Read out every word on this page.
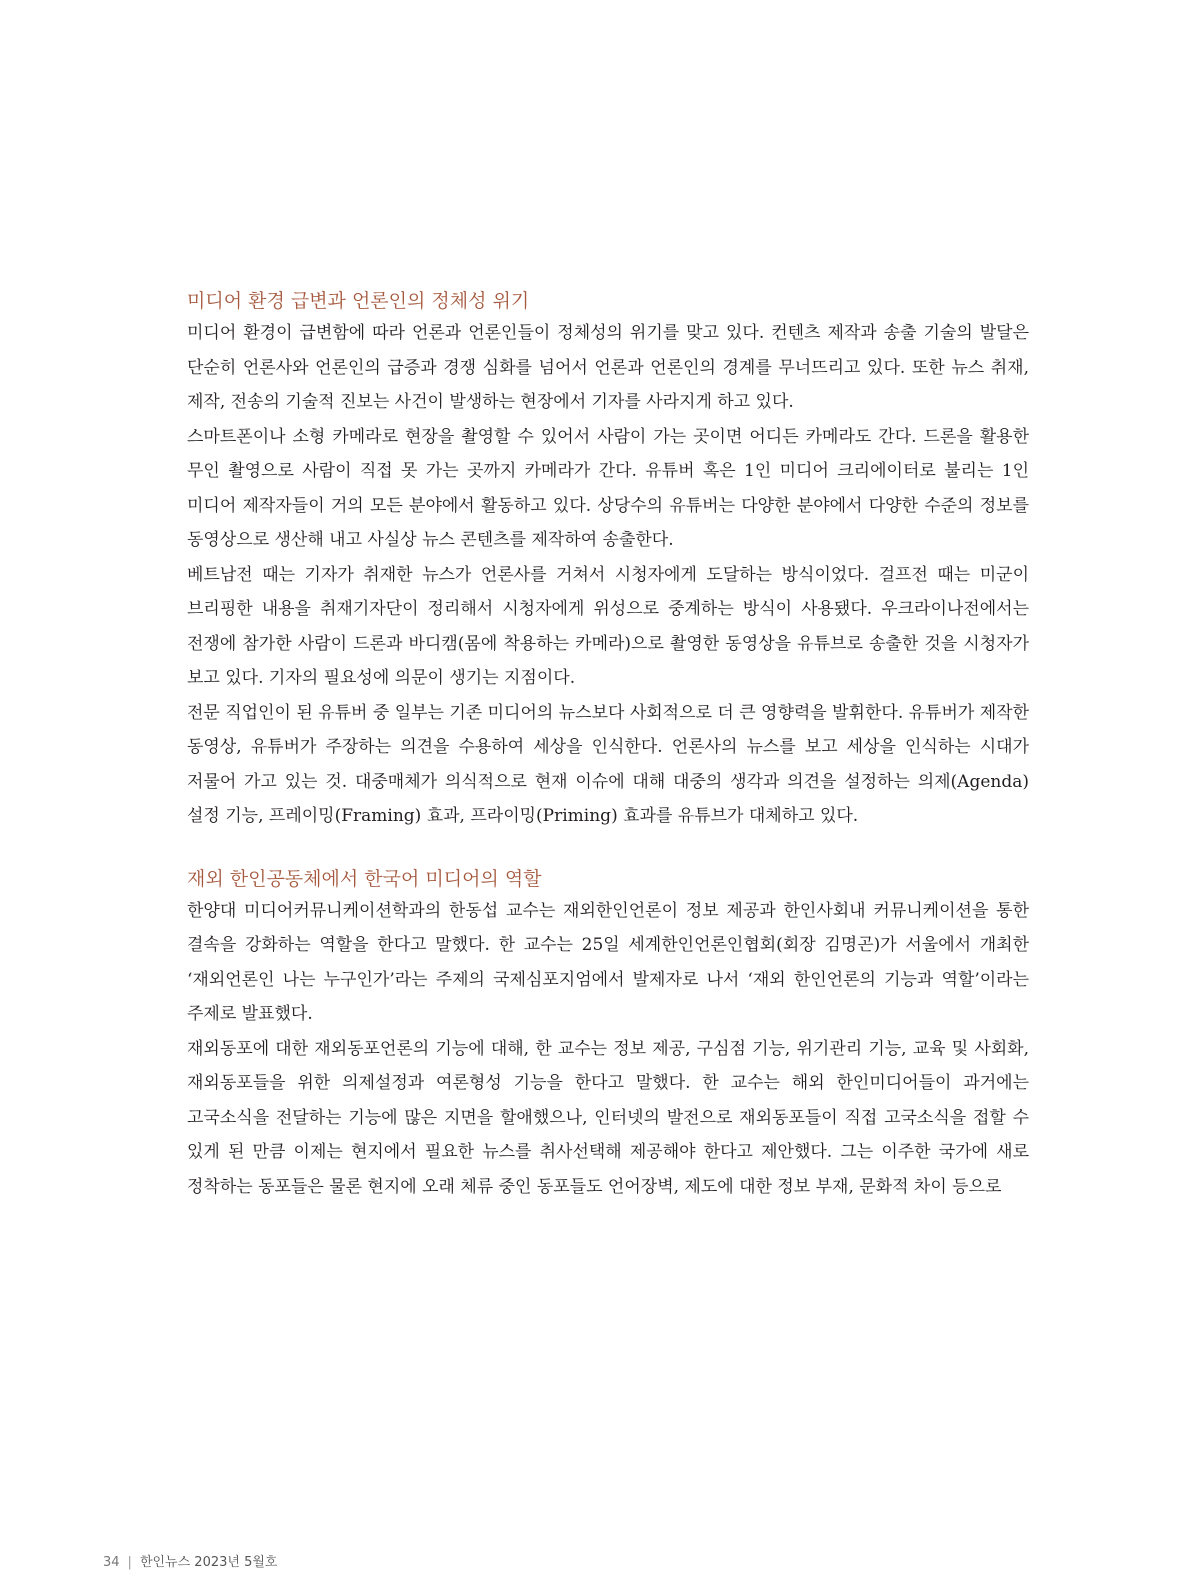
미디어 환경 급변과 언론인의 정체성 위기

미디어 환경이 급변함에 따라 언론과 언론인들이 정체성의 위기를 맞고 있다. 컨텐츠 제작과 송출 기술의 발달은 단순히 언론사와 언론인의 급증과 경쟁 심화를 넘어서 언론과 언론인의 경계를 무너뜨리고 있다. 또한 뉴스 취재, 제작, 전송의 기술적 진보는 사건이 발생하는 현장에서 기자를 사라지게 하고 있다.

스마트폰이나 소형 카메라로 현장을 촬영할 수 있어서 사람이 가는 곳이면 어디든 카메라도 간다. 드론을 활용한 무인 촬영으로 사람이 직접 못 가는 곳까지 카메라가 간다. 유튜버 혹은 1인 미디어 크리에이터로 불리는 1인 미디어 제작자들이 거의 모든 분야에서 활동하고 있다. 상당수의 유튜버는 다양한 분야에서 다양한 수준의 정보를 동영상으로 생산해 내고 사실상 뉴스 콘텐츠를 제작하여 송출한다.

베트남전 때는 기자가 취재한 뉴스가 언론사를 거쳐서 시청자에게 도달하는 방식이었다. 걸프전 때는 미군이 브리핑한 내용을 취재기자단이 정리해서 시청자에게 위성으로 중계하는 방식이 사용됐다. 우크라이나전에서는 전쟁에 참가한 사람이 드론과 바디캠(몸에 착용하는 카메라)으로 촬영한 동영상을 유튜브로 송출한 것을 시청자가 보고 있다. 기자의 필요성에 의문이 생기는 지점이다.

전문 직업인이 된 유튜버 중 일부는 기존 미디어의 뉴스보다 사회적으로 더 큰 영향력을 발휘한다. 유튜버가 제작한 동영상, 유튜버가 주장하는 의견을 수용하여 세상을 인식한다. 언론사의 뉴스를 보고 세상을 인식하는 시대가 저물어 가고 있는 것. 대중매체가 의식적으로 현재 이슈에 대해 대중의 생각과 의견을 설정하는 의제(Agenda) 설정 기능, 프레이밍(Framing) 효과, 프라이밍(Priming) 효과를 유튜브가 대체하고 있다.

재외 한인공동체에서 한국어 미디어의 역할

한양대 미디어커뮤니케이션학과의 한동섭 교수는 재외한인언론이 정보 제공과 한인사회내 커뮤니케이션을 통한 결속을 강화하는 역할을 한다고 말했다. 한 교수는 25일 세계한인언론인협회(회장 김명곤)가 서울에서 개최한 ‘재외언론인 나는 누구인가’라는 주제의 국제심포지엄에서 발제자로 나서 ‘재외 한인언론의 기능과 역할’이라는 주제로 발표했다.

재외동포에 대한 재외동포언론의 기능에 대해, 한 교수는 정보 제공, 구심점 기능, 위기관리 기능, 교육 및 사회화, 재외동포들을 위한 의제설정과 여론형성 기능을 한다고 말했다. 한 교수는 해외 한인미디어들이 과거에는 고국소식을 전달하는 기능에 많은 지면을 할애했으나, 인터넷의 발전으로 재외동포들이 직접 고국소식을 접할 수 있게 된 만큼 이제는 현지에서 필요한 뉴스를 취사선택해 제공해야 한다고 제안했다. 그는 이주한 국가에 새로 정착하는 동포들은 물론 현지에 오래 체류 중인 동포들도 언어장벽, 제도에 대한 정보 부재, 문화적 차이 등으로

34 | 한인뉴스 2023년 5월호
